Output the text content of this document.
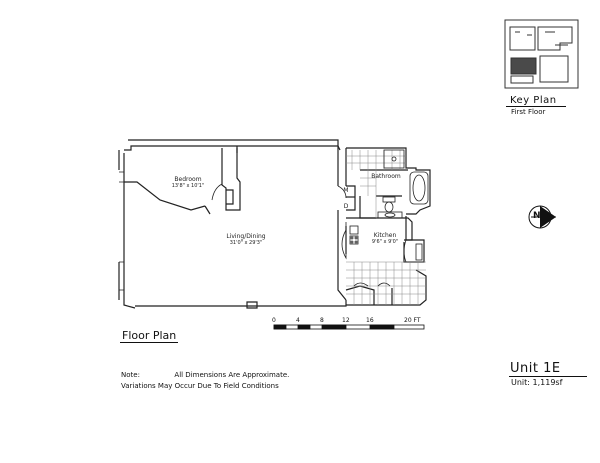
Key Plan
First Floor
Bedroom
13'8" x 10'1"
Living/Dining
31'0" x 29'3"
Bathroom
Kitchen
9'6" x 9'0"
M
D
0	4	8	12	16	20 FT
Floor Plan
Note:	All Dimensions Are Approximate.
Variations May Occur Due To Field Conditions
Unit 1E
Unit: 1,119sf
N
